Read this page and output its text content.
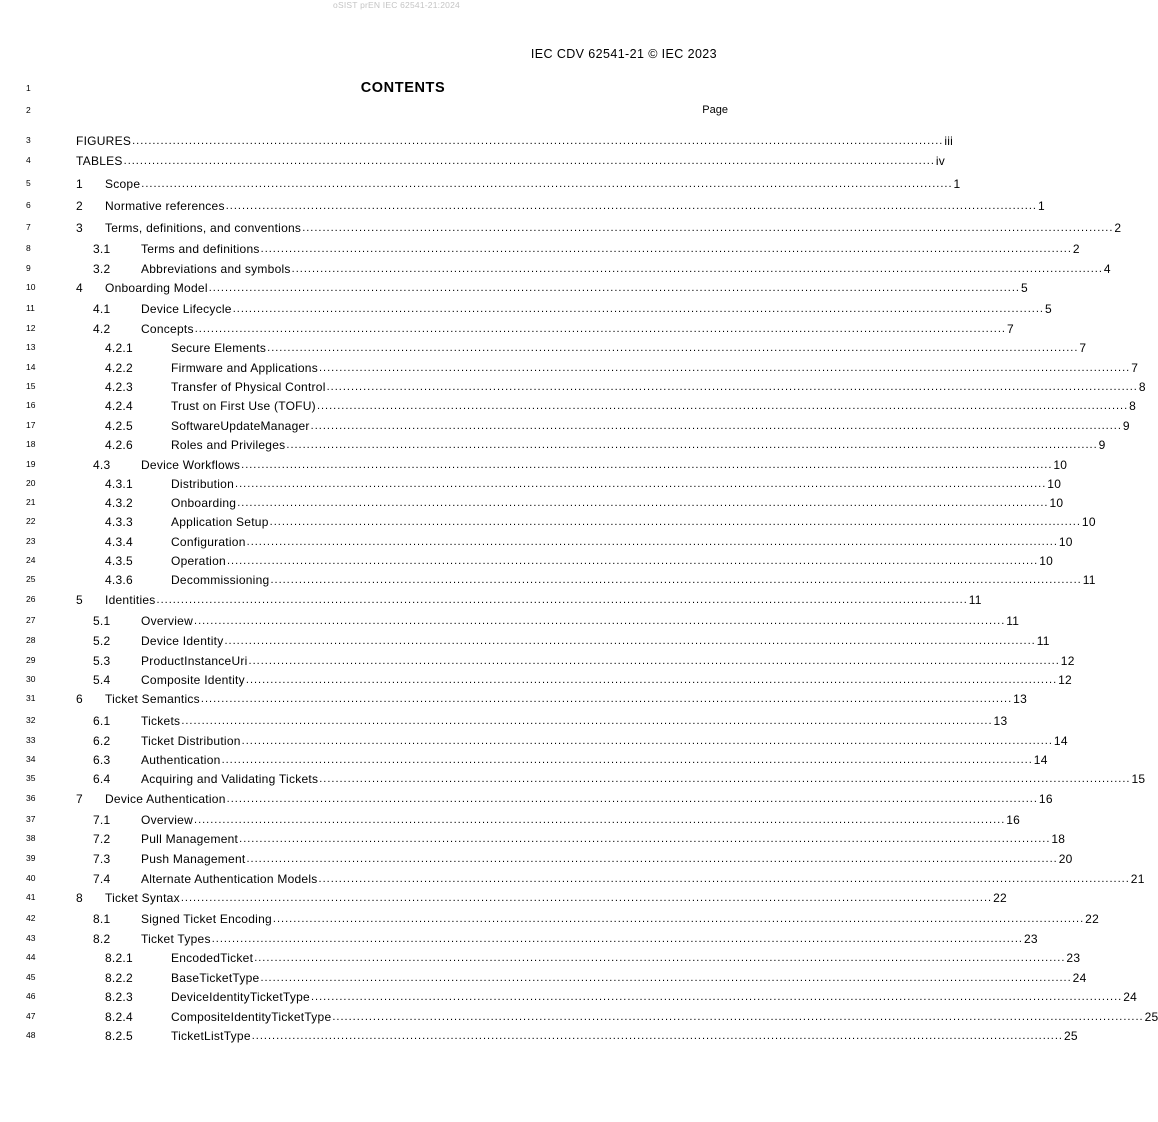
oSIST prEN IEC 62541-21:2024
IEC CDV 62541-21 © IEC 2023
1
2
3
4
5
6
7
8
9
10
11
12
13
14
15
16
17
18
19
20
21
22
23
24
25
26
27
28
29
30
31
32
33
34
35
36
37
38
39
40
41
42
43
44
45
46
47
48
CONTENTS
Page
FIGURES ........................................................................................................................................................................................................ iii
TABLES ........................................................................................................................................................................................................ iv
1	Scope ........................................................................................................................................................................................................ 1
2	Normative references ........................................................................................................................................................................................................ 1
3	Terms, definitions, and conventions ........................................................................................................................................................................................................ 2
3.1	Terms and definitions ........................................................................................................................................................................................................ 2
3.2	Abbreviations and symbols ........................................................................................................................................................................................................ 4
4	Onboarding Model ........................................................................................................................................................................................................ 5
4.1	Device Lifecycle ........................................................................................................................................................................................................ 5
4.2	Concepts ........................................................................................................................................................................................................ 7
4.2.1	Secure Elements ........................................................................................................................................................................................................ 7
4.2.2	Firmware and Applications ........................................................................................................................................................................................................ 7
4.2.3	Transfer of Physical Control ........................................................................................................................................................................................................ 8
4.2.4	Trust on First Use (TOFU) ........................................................................................................................................................................................................ 8
4.2.5	SoftwareUpdateManager ........................................................................................................................................................................................................ 9
4.2.6	Roles and Privileges ........................................................................................................................................................................................................ 9
4.3	Device Workflows ........................................................................................................................................................................................................ 10
4.3.1	Distribution ........................................................................................................................................................................................................ 10
4.3.2	Onboarding ........................................................................................................................................................................................................ 10
4.3.3	Application Setup ........................................................................................................................................................................................................ 10
4.3.4	Configuration ........................................................................................................................................................................................................ 10
4.3.5	Operation ........................................................................................................................................................................................................ 10
4.3.6	Decommissioning ........................................................................................................................................................................................................ 11
5	Identities ........................................................................................................................................................................................................ 11
5.1	Overview ........................................................................................................................................................................................................ 11
5.2	Device Identity ........................................................................................................................................................................................................ 11
5.3	ProductInstanceUri ........................................................................................................................................................................................................ 12
5.4	Composite Identity ........................................................................................................................................................................................................ 12
6	Ticket Semantics ........................................................................................................................................................................................................ 13
6.1	Tickets ........................................................................................................................................................................................................ 13
6.2	Ticket Distribution ........................................................................................................................................................................................................ 14
6.3	Authentication ........................................................................................................................................................................................................ 14
6.4	Acquiring and Validating Tickets ........................................................................................................................................................................................................ 15
7	Device Authentication ........................................................................................................................................................................................................ 16
7.1	Overview ........................................................................................................................................................................................................ 16
7.2	Pull Management ........................................................................................................................................................................................................ 18
7.3	Push Management ........................................................................................................................................................................................................ 20
7.4	Alternate Authentication Models ........................................................................................................................................................................................................ 21
8	Ticket Syntax ........................................................................................................................................................................................................ 22
8.1	Signed Ticket Encoding ........................................................................................................................................................................................................ 22
8.2	Ticket Types ........................................................................................................................................................................................................ 23
8.2.1	EncodedTicket ........................................................................................................................................................................................................ 23
8.2.2	BaseTicketType ........................................................................................................................................................................................................ 24
8.2.3	DeviceIdentityTicketType ........................................................................................................................................................................................................ 24
8.2.4	CompositeIdentityTicketType ........................................................................................................................................................................................................ 25
8.2.5	TicketListType ........................................................................................................................................................................................................ 25
